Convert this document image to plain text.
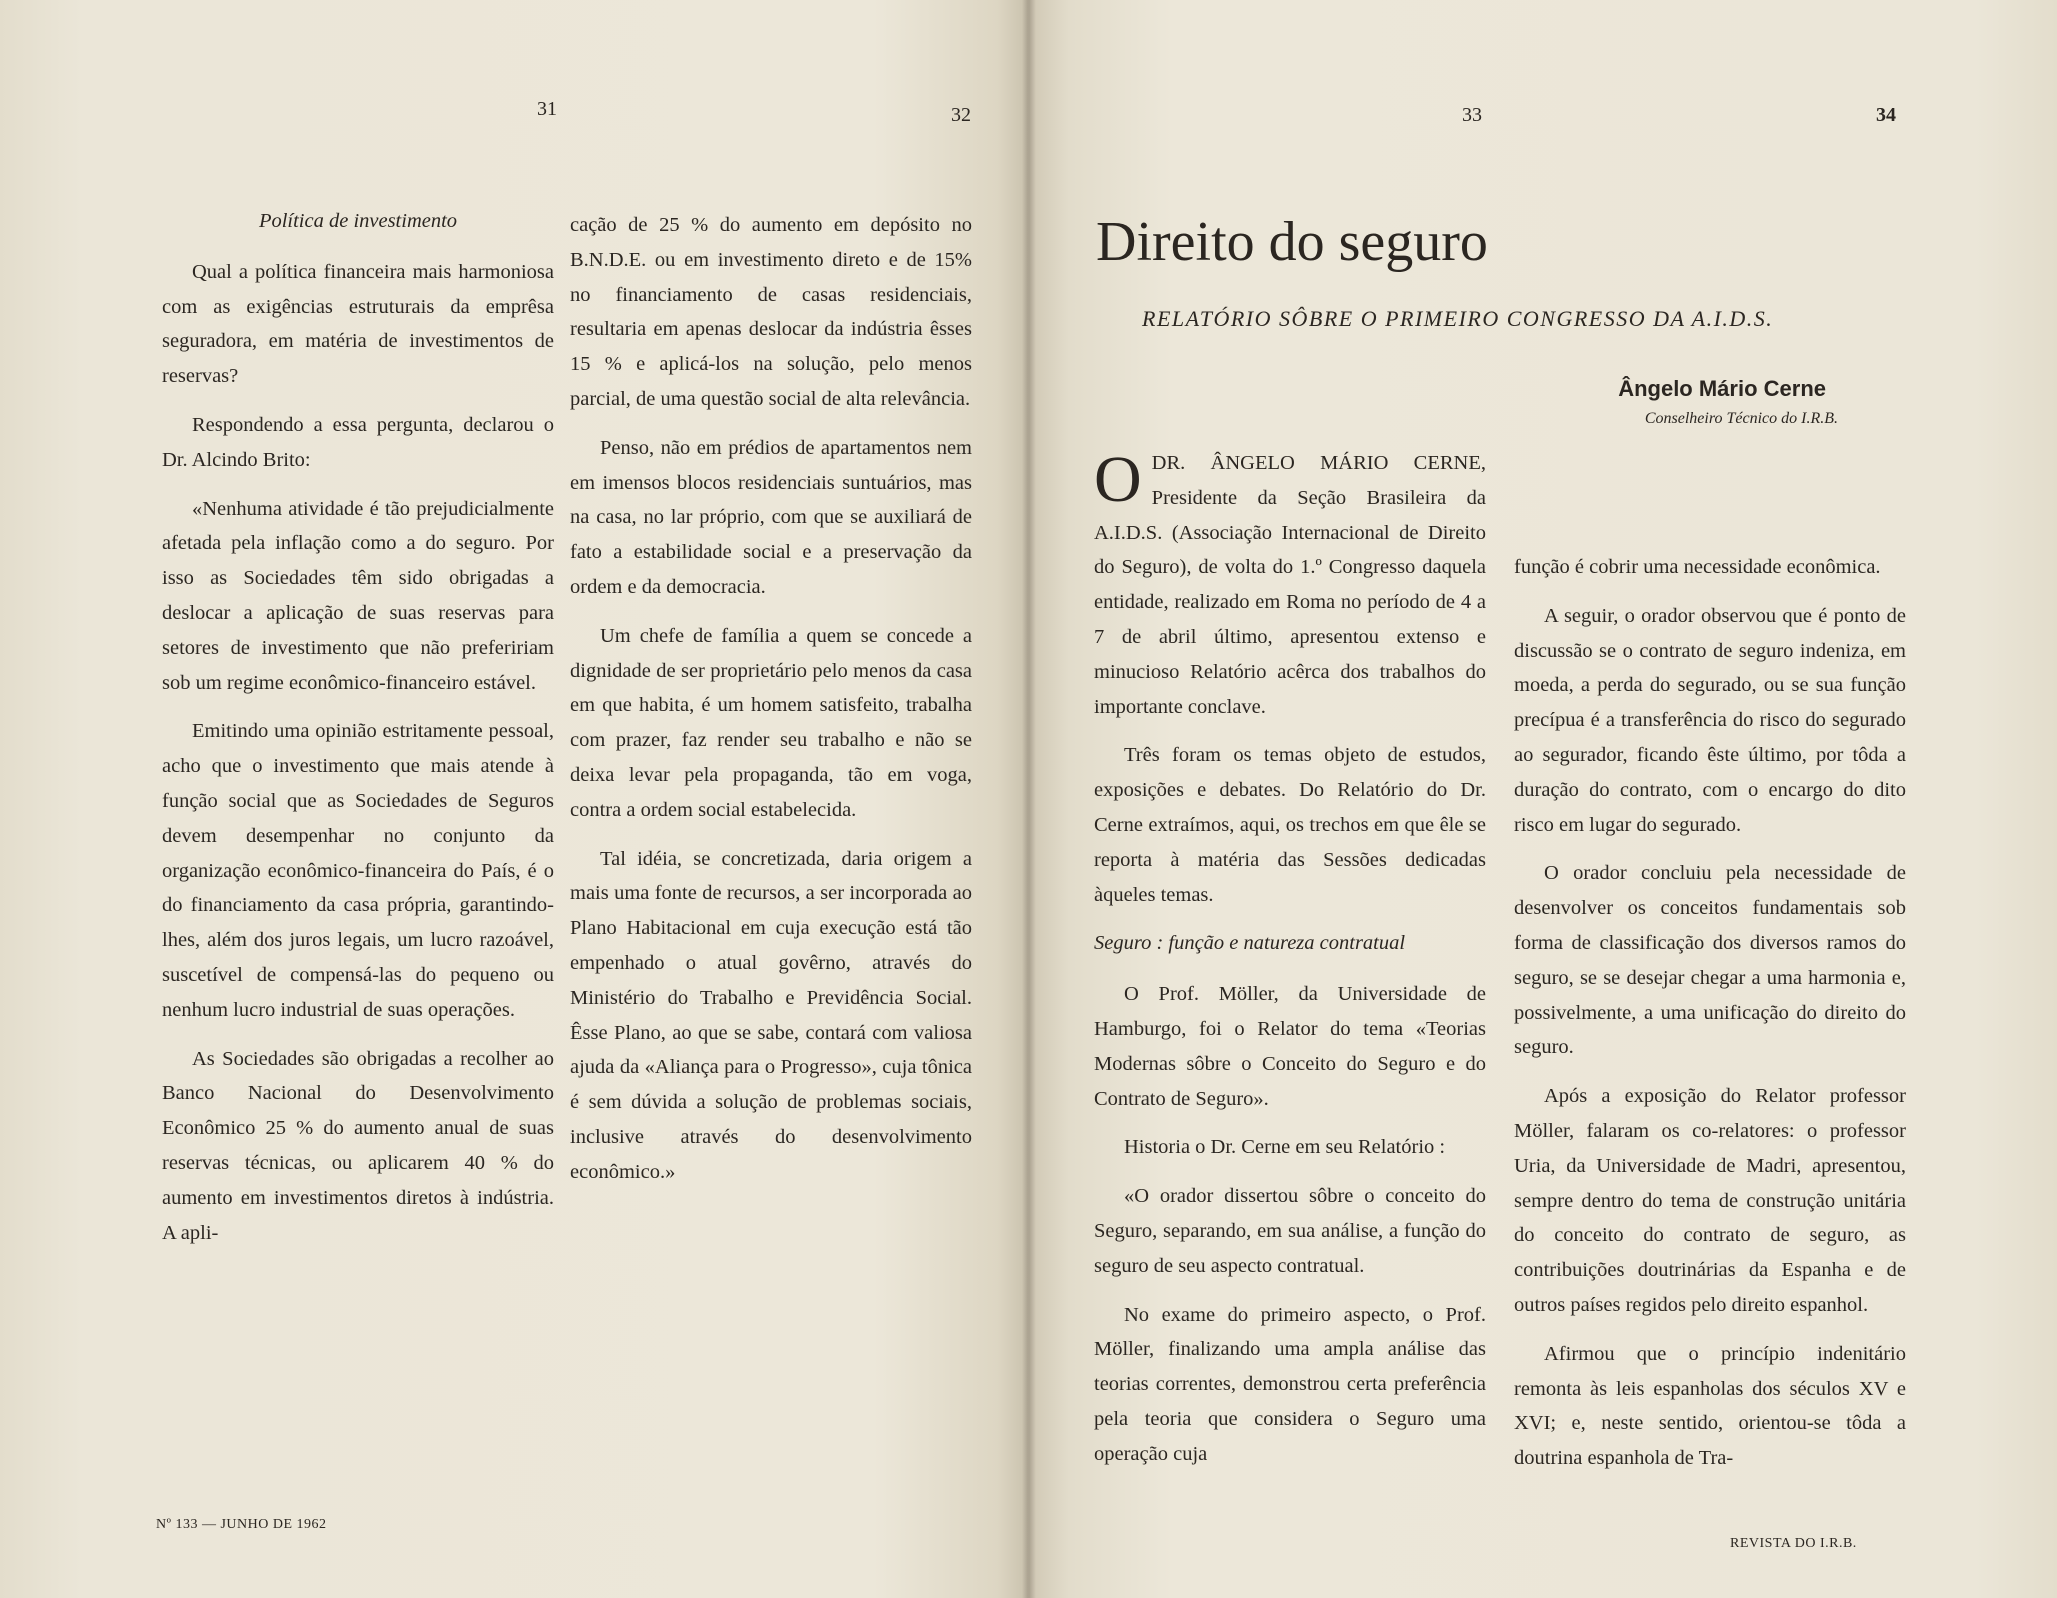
31	32	33	34
Política de investimento

Qual a política financeira mais harmoniosa com as exigências estruturais da emprêsa seguradora, em matéria de investimentos de reservas?

Respondendo a essa pergunta, declarou o Dr. Alcindo Brito:

«Nenhuma atividade é tão prejudicialmente afetada pela inflação como a do seguro. Por isso as Sociedades têm sido obrigadas a deslocar a aplicação de suas reservas para setores de investimento que não prefeririam sob um regime econômico-financeiro estável.

Emitindo uma opinião estritamente pessoal, acho que o investimento que mais atende à função social que as Sociedades de Seguros devem desempenhar no conjunto da organização econômico-financeira do País, é o do financiamento da casa própria, garantindo-lhes, além dos juros legais, um lucro razoável, suscetível de compensá-las do pequeno ou nenhum lucro industrial de suas operações.

As Sociedades são obrigadas a recolher ao Banco Nacional do Desenvolvimento Econômico 25 % do aumento anual de suas reservas técnicas, ou aplicarem 40 % do aumento em investimentos diretos à indústria. A apli-

cação de 25 % do aumento em depósito no B.N.D.E. ou em investimento direto e de 15% no financiamento de casas residenciais, resultaria em apenas deslocar da indústria êsses 15 % e aplicá-los na solução, pelo menos parcial, de uma questão social de alta relevância.

Penso, não em prédios de apartamentos nem em imensos blocos residenciais suntuários, mas na casa, no lar próprio, com que se auxiliará de fato a estabilidade social e a preservação da ordem e da democracia.

Um chefe de família a quem se concede a dignidade de ser proprietário pelo menos da casa em que habita, é um homem satisfeito, trabalha com prazer, faz render seu trabalho e não se deixa levar pela propaganda, tão em voga, contra a ordem social estabelecida.

Tal idéia, se concretizada, daria origem a mais uma fonte de recursos, a ser incorporada ao Plano Habitacional em cuja execução está tão empenhado o atual govêrno, através do Ministério do Trabalho e Previdência Social. Êsse Plano, ao que se sabe, contará com valiosa ajuda da «Aliança para o Progresso», cuja tônica é sem dúvida a solução de problemas sociais, inclusive através do desenvolvimento econômico.»

Direito do seguro
RELATÓRIO SÔBRE O PRIMEIRO CONGRESSO DA A.I.D.S.
Ângelo Mário Cerne
Conselheiro Técnico do I.R.B.

O DR. ÂNGELO MÁRIO CERNE, Presidente da Seção Brasileira da A.I.D.S. (Associação Internacional de Direito do Seguro), de volta do 1.º Congresso daquela entidade, realizado em Roma no período de 4 a 7 de abril último, apresentou extenso e minucioso Relatório acêrca dos trabalhos do importante conclave.

Três foram os temas objeto de estudos, exposições e debates. Do Relatório do Dr. Cerne extraímos, aqui, os trechos em que êle se reporta à matéria das Sessões dedicadas àqueles temas.

Seguro : função e natureza contratual

O Prof. Möller, da Universidade de Hamburgo, foi o Relator do tema «Teorias Modernas sôbre o Conceito do Seguro e do Contrato de Seguro».

Historia o Dr. Cerne em seu Relatório :

«O orador dissertou sôbre o conceito do Seguro, separando, em sua análise, a função do seguro de seu aspecto contratual.

No exame do primeiro aspecto, o Prof. Möller, finalizando uma ampla análise das teorias correntes, demonstrou certa preferência pela teoria que considera o Seguro uma operação cuja

função é cobrir uma necessidade econômica.

A seguir, o orador observou que é ponto de discussão se o contrato de seguro indeniza, em moeda, a perda do segurado, ou se sua função precípua é a transferência do risco do segurado ao segurador, ficando êste último, por tôda a duração do contrato, com o encargo do dito risco em lugar do segurado.

O orador concluiu pela necessidade de desenvolver os conceitos fundamentais sob forma de classificação dos diversos ramos do seguro, se se desejar chegar a uma harmonia e, possivelmente, a uma unificação do direito do seguro.

Após a exposição do Relator professor Möller, falaram os co-relatores: o professor Uria, da Universidade de Madri, apresentou, sempre dentro do tema de construção unitária do conceito do contrato de seguro, as contribuições doutrinárias da Espanha e de outros países regidos pelo direito espanhol.

Afirmou que o princípio indenitário remonta às leis espanholas dos séculos XV e XVI; e, neste sentido, orientou-se tôda a doutrina espanhola de Tra-

Nº 133 — JUNHO DE 1962
REVISTA DO I.R.B.
